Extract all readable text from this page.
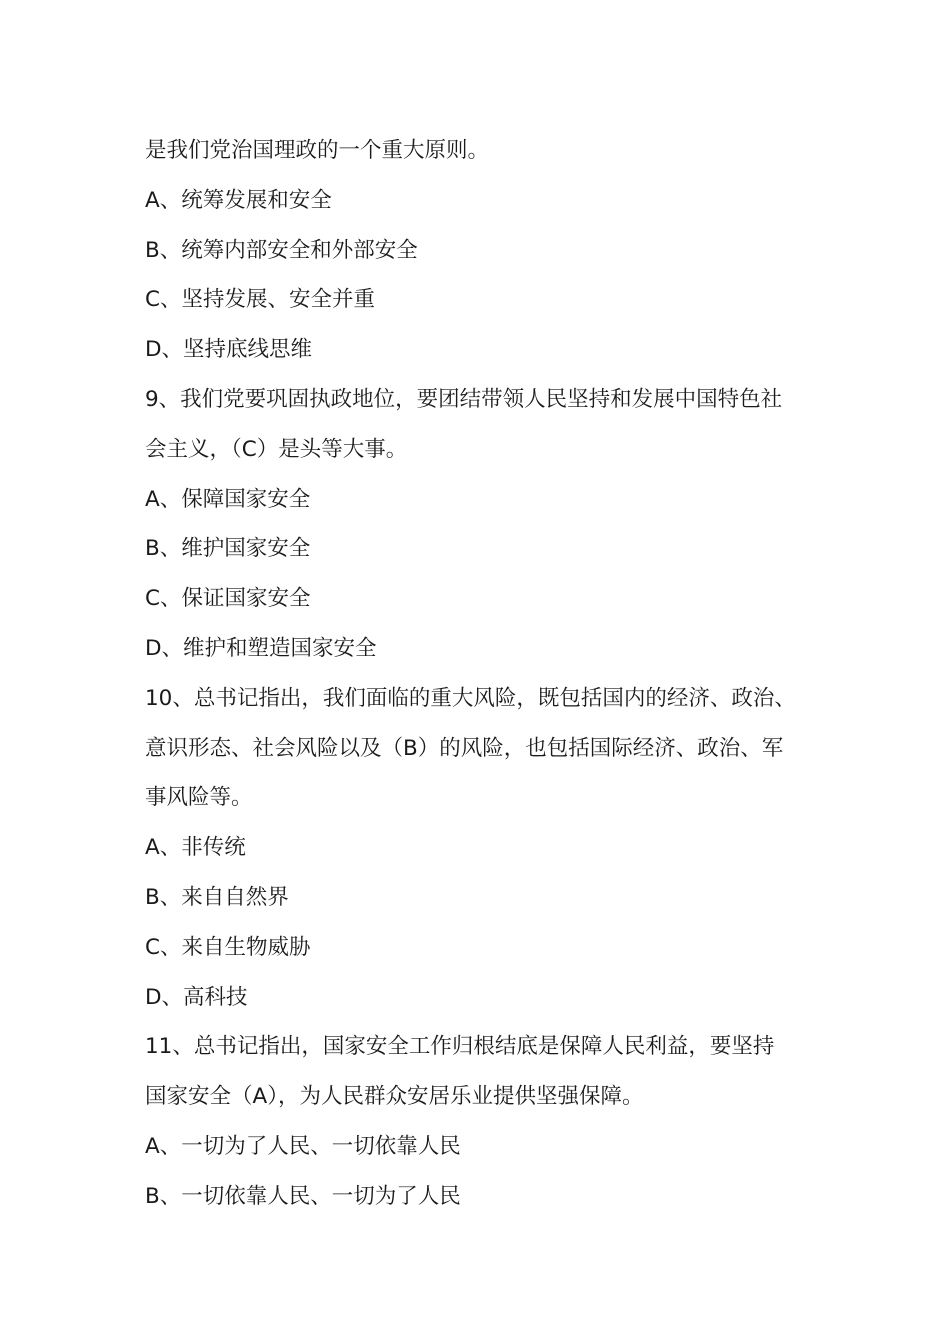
是我们党治国理政的一个重大原则。
A、统筹发展和安全
B、统筹内部安全和外部安全
C、坚持发展、安全并重
D、坚持底线思维
9、我们党要巩固执政地位，要团结带领人民坚持和发展中国特色社
会主义，（C）是头等大事。
A、保障国家安全
B、维护国家安全
C、保证国家安全
D、维护和塑造国家安全
10、总书记指出，我们面临的重大风险，既包括国内的经济、政治、
意识形态、社会风险以及（B）的风险，也包括国际经济、政治、军
事风险等。
A、非传统
B、来自自然界
C、来自生物威胁
D、高科技
11、总书记指出，国家安全工作归根结底是保障人民利益，要坚持
国家安全（A），为人民群众安居乐业提供坚强保障。
A、一切为了人民、一切依靠人民
B、一切依靠人民、一切为了人民
